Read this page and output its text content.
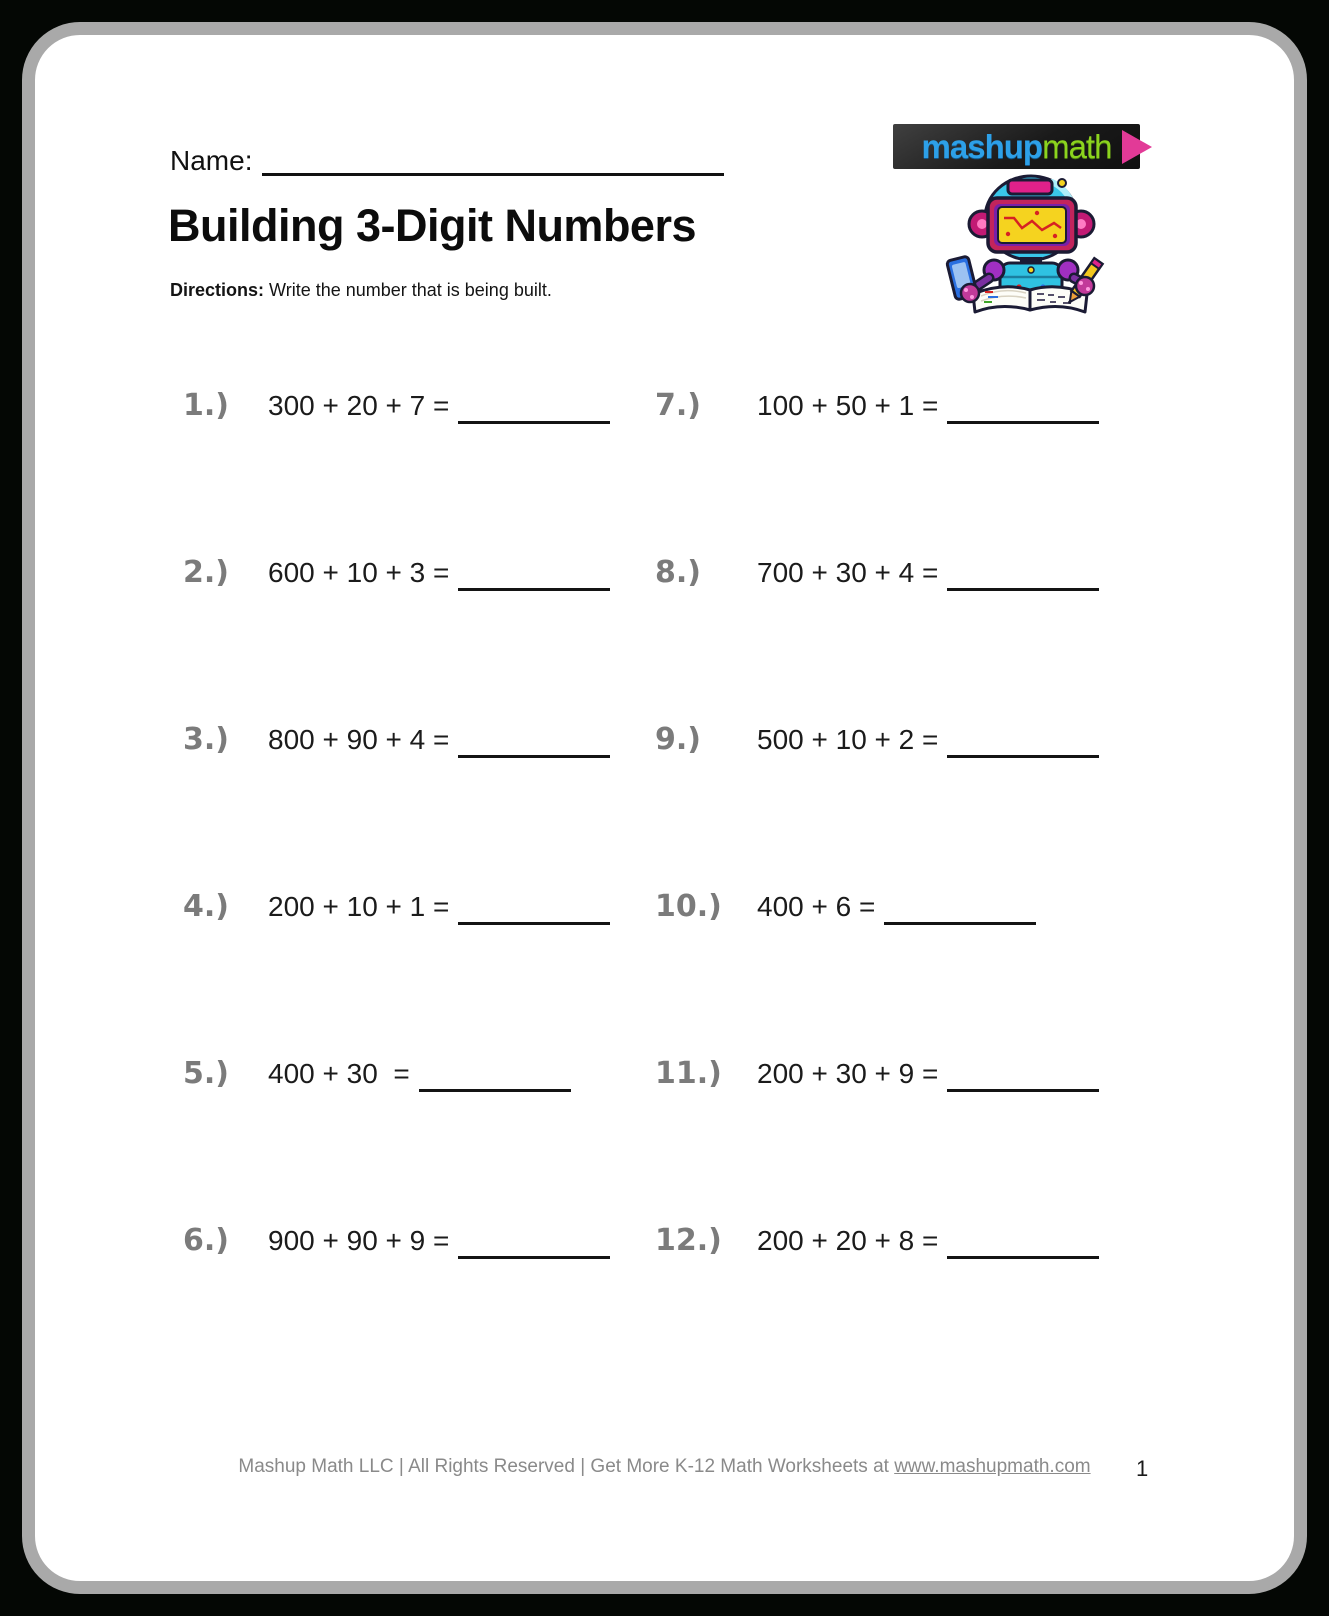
Name:
Building 3-Digit Numbers
Directions: Write the number that is being built.
mashup math
1.) 300 + 20 + 7 =
2.) 600 + 10 + 3 =
3.) 800 + 90 + 4 =
4.) 200 + 10 + 1 =
5.) 400 + 30  =
6.) 900 + 90 + 9 =
7.) 100 + 50 + 1 =
8.) 700 + 30 + 4 =
9.) 500 + 10 + 2 =
10.) 400 + 6 =
11.) 200 + 30 + 9 =
12.) 200 + 20 + 8 =
Mashup Math LLC | All Rights Reserved | Get More K-12 Math Worksheets at www.mashupmath.com	1
